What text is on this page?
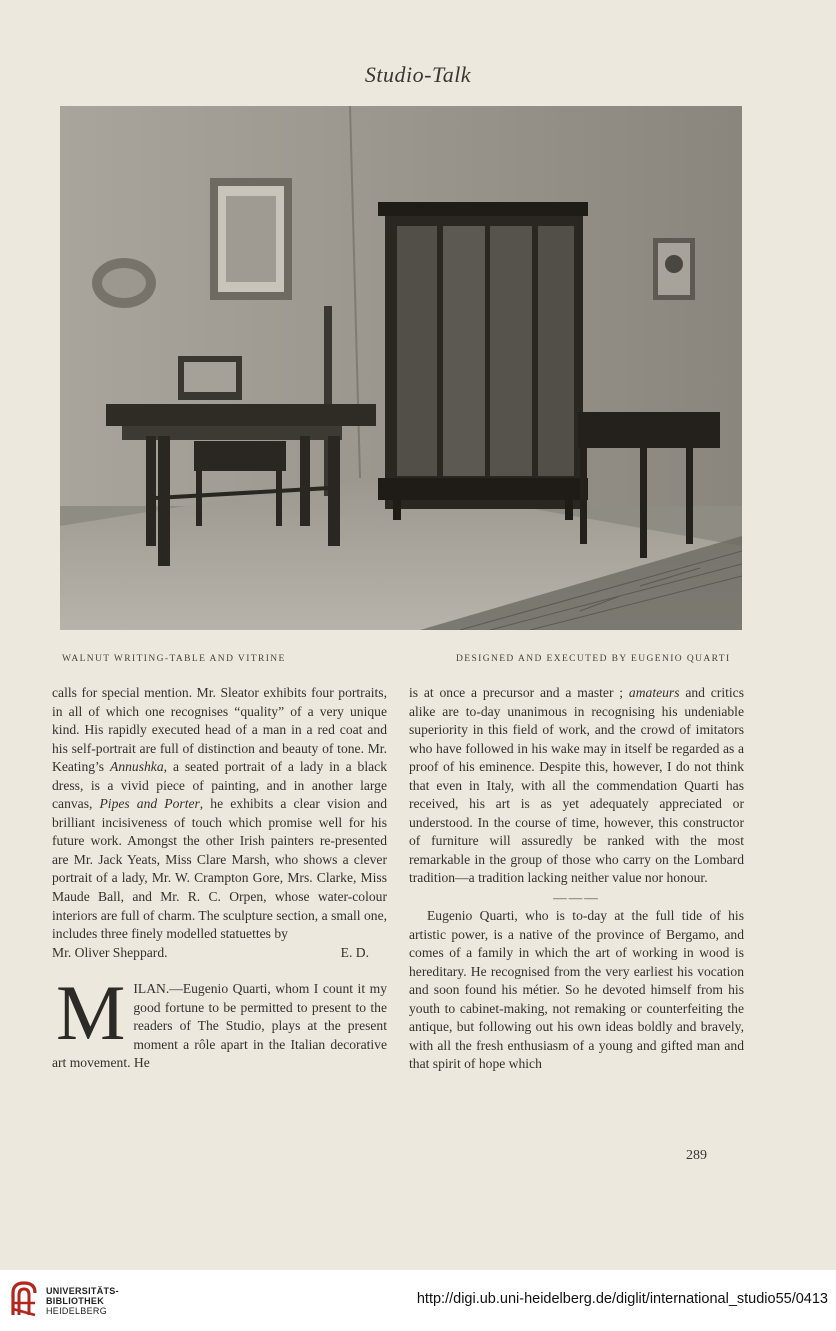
Studio-Talk
WALNUT WRITING-TABLE AND VITRINE	DESIGNED AND EXECUTED BY EUGENIO QUARTI

calls for special mention. Mr. Sleator exhibits four portraits, in all of which one recognises “quality” of a very unique kind. His rapidly executed head of a man in a red coat and his self-portrait are full of distinction and beauty of tone. Mr. Keating’s Annushka, a seated portrait of a lady in a black dress, is a vivid piece of painting, and in another large canvas, Pipes and Porter, he exhibits a clear vision and brilliant incisiveness of touch which promise well for his future work. Amongst the other Irish painters re-presented are Mr. Jack Yeats, Miss Clare Marsh, who shows a clever portrait of a lady, Mr. W. Crampton Gore, Mrs. Clarke, Miss Maude Ball, and Mr. R. C. Orpen, whose water-colour interiors are full of charm. The sculpture section, a small one, includes three finely modelled statuettes by

Mr. Oliver Sheppard.	E. D.

MILAN.—Eugenio Quarti, whom I count it my good fortune to be permitted to present to the readers of The Studio, plays at the present moment a rôle apart in the Italian decorative art movement. He

is at once a precursor and a master ; amateurs and critics alike are to-day unanimous in recognising his undeniable superiority in this field of work, and the crowd of imitators who have followed in his wake may in itself be regarded as a proof of his eminence. Despite this, however, I do not think that even in Italy, with all the commendation Quarti has received, his art is as yet adequately appreciated or understood. In the course of time, however, this constructor of furniture will assuredly be ranked with the most remarkable in the group of those who carry on the Lombard tradition—a tradition lacking neither value nor honour.

———

Eugenio Quarti, who is to-day at the full tide of his artistic power, is a native of the province of Bergamo, and comes of a family in which the art of working in wood is hereditary. He recognised from the very earliest his vocation and soon found his métier. So he devoted himself from his youth to cabinet-making, not remaking or counterfeiting the antique, but following out his own ideas boldly and bravely, with all the fresh enthusiasm of a young and gifted man and that spirit of hope which

289
UNIVERSITÄTS-
BIBLIOTHEK
HEIDELBERG
http://digi.ub.uni-heidelberg.de/diglit/international_studio55/0413
